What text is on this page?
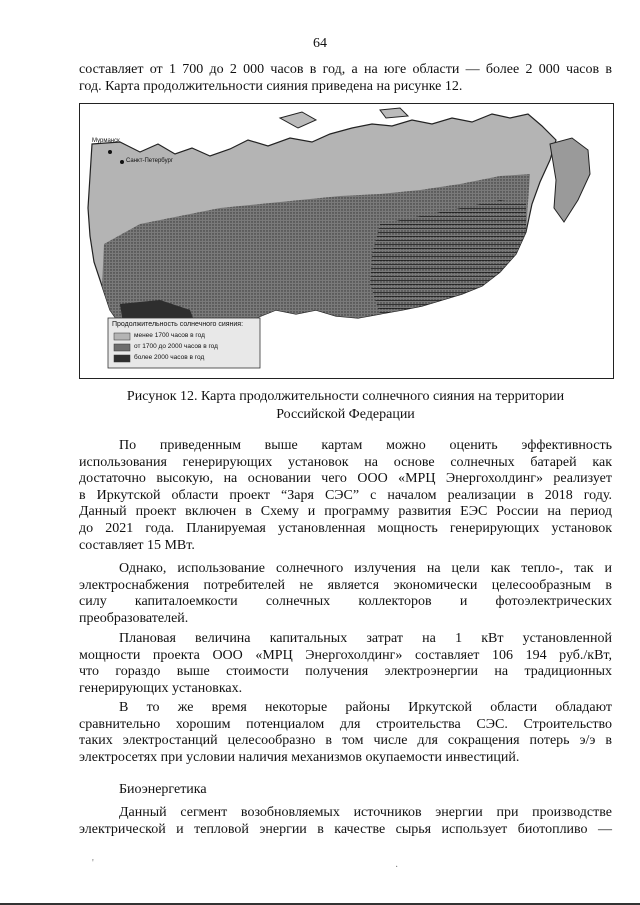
64
составляет от 1 700 до 2 000 часов в год, а на юге области — более 2 000 часов в
год. Карта продолжительности сияния приведена на рисунке 12.
Мурманск
Санкт-Петербург
Продолжительность солнечного сияния:
менее 1700 часов в год
от 1700 до 2000 часов в год
более 2000 часов в год
Рисунок 12. Карта продолжительности солнечного сияния на территории
Российской Федерации
По приведенным выше картам можно оценить эффективность
использования генерирующих установок на основе солнечных батарей как
достаточно высокую, на основании чего ООО «МРЦ Энергохолдинг» реализует
в Иркутской области проект “Заря СЭС” с началом реализации в 2018 году.
Данный проект включен в Схему и программу развития ЕЭС России на период
до 2021 года. Планируемая установленная мощность генерирующих установок
составляет 15 МВт.
Однако, использование солнечного излучения на цели как тепло-, так и
электроснабжения потребителей не является экономически целесообразным в
силу капиталоемкости солнечных коллекторов и фотоэлектрических
преобразователей.
Плановая величина капитальных затрат на 1 кВт установленной
мощности проекта ООО «МРЦ Энергохолдинг» составляет 106 194 руб./кВт,
что гораздо выше стоимости получения электроэнергии на традиционных
генерирующих установках.
В то же время некоторые районы Иркутской области обладают
сравнительно хорошим потенциалом для строительства СЭС. Строительство
таких электростанций целесообразно в том числе для сокращения потерь э/э в
электросетях при условии наличия механизмов окупаемости инвестиций.
Биоэнергетика
Данный сегмент возобновляемых источников энергии при производстве
электрической и тепловой энергии в качестве сырья использует биотопливо —
'	·
